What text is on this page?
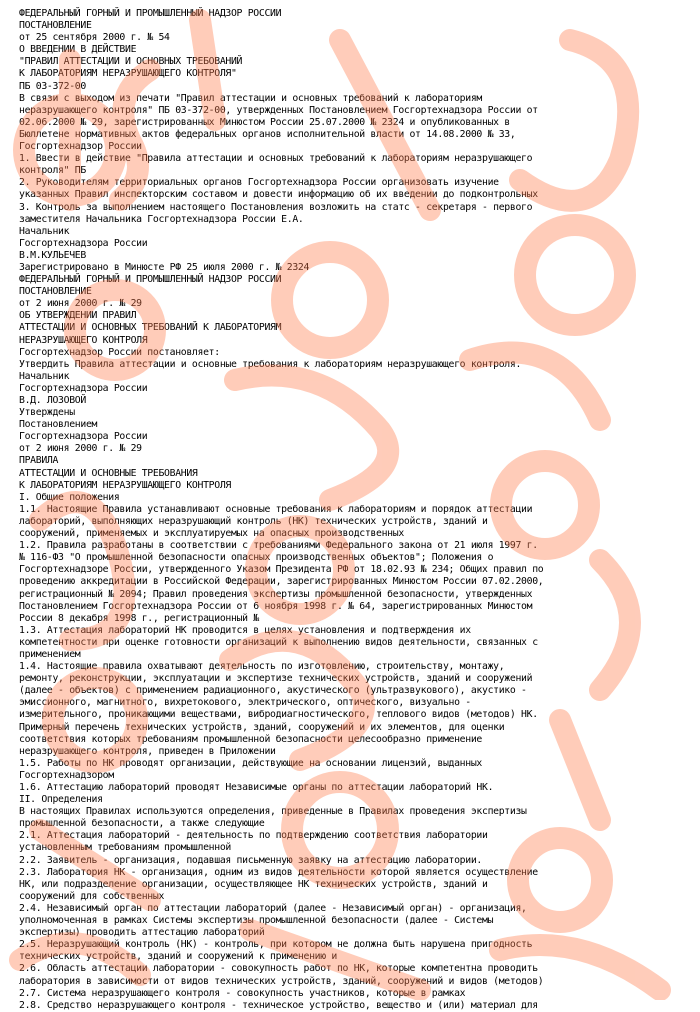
ФЕДЕРАЛЬНЫЙ ГОРНЫЙ И ПРОМЫШЛЕННЫЙ НАДЗОР РОССИИ
ПОСТАНОВЛЕНИЕ
от 25 сентября 2000 г. № 54
О ВВЕДЕНИИ В ДЕЙСТВИЕ
"ПРАВИЛ АТТЕСТАЦИИ И ОСНОВНЫХ ТРЕБОВАНИЙ
К ЛАБОРАТОРИЯМ НЕРАЗРУШАЮЩЕГО КОНТРОЛЯ"
ПБ 03-372-00
В связи с выходом из печати "Правил аттестации и основных требований к лабораториям
неразрушающего контроля" ПБ 03-372-00, утвержденных Постановлением Госгортехнадзора России от
02.06.2000 № 29, зарегистрированных Минюстом России 25.07.2000 № 2324 и опубликованных в
Бюллетене нормативных актов федеральных органов исполнительной власти от 14.08.2000 № 33,
Госгортехнадзор России
1. Ввести в действие "Правила аттестации и основных требований к лабораториям неразрушающего
контроля" ПБ
2. Руководителям территориальных органов Госгортехнадзора России организовать изучение
указанных Правил инспекторским составом и довести информацию об их введении до подконтрольных
3. Контроль за выполнением настоящего Постановления возложить на статс - секретаря - первого
заместителя Начальника Госгортехнадзора России Е.А.
Начальник
Госгортехнадзора России
В.М.КУЛЬЕЧЕВ
Зарегистрировано в Минюсте РФ 25 июля 2000 г. № 2324
ФЕДЕРАЛЬНЫЙ ГОРНЫЙ И ПРОМЫШЛЕННЫЙ НАДЗОР РОССИИ
ПОСТАНОВЛЕНИЕ
от 2 июня 2000 г. № 29
ОБ УТВЕРЖДЕНИИ ПРАВИЛ
АТТЕСТАЦИИ И ОСНОВНЫХ ТРЕБОВАНИЙ К ЛАБОРАТОРИЯМ
НЕРАЗРУШАЮЩЕГО КОНТРОЛЯ
Госгортехнадзор России постановляет:
Утвердить Правила аттестации и основные требования к лабораториям неразрушающего контроля.
Начальник
Госгортехнадзора России
В.Д. ЛОЗОВОЙ
Утверждены
Постановлением
Госгортехнадзора России
от 2 июня 2000 г. № 29
ПРАВИЛА
АТТЕСТАЦИИ И ОСНОВНЫЕ ТРЕБОВАНИЯ
К ЛАБОРАТОРИЯМ НЕРАЗРУШАЮЩЕГО КОНТРОЛЯ
I. Общие положения
1.1. Настоящие Правила устанавливают основные требования к лабораториям и порядок аттестации
лабораторий, выполняющих неразрушающий контроль (НК) технических устройств, зданий и
сооружений, применяемых и эксплуатируемых на опасных производственных
1.2. Правила разработаны в соответствии с требованиями Федерального закона от 21 июля 1997 г.
№ 116-ФЗ "О промышленной безопасности опасных производственных объектов"; Положения о
Госгортехнадзоре России, утвержденного Указом Президента РФ от 18.02.93 № 234; Общих правил по
проведению аккредитации в Российской Федерации, зарегистрированных Минюстом России 07.02.2000,
регистрационный № 2094; Правил проведения экспертизы промышленной безопасности, утвержденных
Постановлением Госгортехнадзора России от 6 ноября 1998 г. № 64, зарегистрированных Минюстом
России 8 декабря 1998 г., регистрационный №
1.3. Аттестация лабораторий НК проводится в целях установления и подтверждения их
компетентности при оценке готовности организаций к выполнению видов деятельности, связанных с
применением
1.4. Настоящие правила охватывают деятельность по изготовлению, строительству, монтажу,
ремонту, реконструкции, эксплуатации и экспертизе технических устройств, зданий и сооружений
(далее - объектов) с применением радиационного, акустического (ультразвукового), акустико -
эмиссионного, магнитного, вихретокового, электрического, оптического, визуально -
измерительного, проникающими веществами, вибродиагностического, теплового видов (методов) НК.
Примерный перечень технических устройств, зданий, сооружений и их элементов, для оценки
соответствия которых требованиям промышленной безопасности целесообразно применение
неразрушающего контроля, приведен в Приложении
1.5. Работы по НК проводят организации, действующие на основании лицензий, выданных
Госгортехнадзором
1.6. Аттестацию лабораторий проводят Независимые органы по аттестации лабораторий НК.
II. Определения
В настоящих Правилах используются определения, приведенные в Правилах проведения экспертизы
промышленной безопасности, а также следующие
2.1. Аттестация лабораторий - деятельность по подтверждению соответствия лаборатории
установленным требованиям промышленной
2.2. Заявитель - организация, подавшая письменную заявку на аттестацию лаборатории.
2.3. Лаборатория НК - организация, одним из видов деятельности которой является осуществление
НК, или подразделение организации, осуществляющее НК технических устройств, зданий и
сооружений для собственных
2.4. Независимый орган по аттестации лабораторий (далее - Независимый орган) - организация,
уполномоченная в рамках Системы экспертизы промышленной безопасности (далее - Системы
экспертизы) проводить аттестацию лабораторий
2.5. Неразрушающий контроль (НК) - контроль, при котором не должна быть нарушена пригодность
технических устройств, зданий и сооружений к применению и
2.6. Область аттестации лаборатории - совокупность работ по НК, которые компетентна проводить
лаборатория в зависимости от видов технических устройств, зданий, сооружений и видов (методов)
2.7. Система неразрушающего контроля - совокупность участников, которые в рамках
2.8. Средство неразрушающего контроля - техническое устройство, вещество и (или) материал для
